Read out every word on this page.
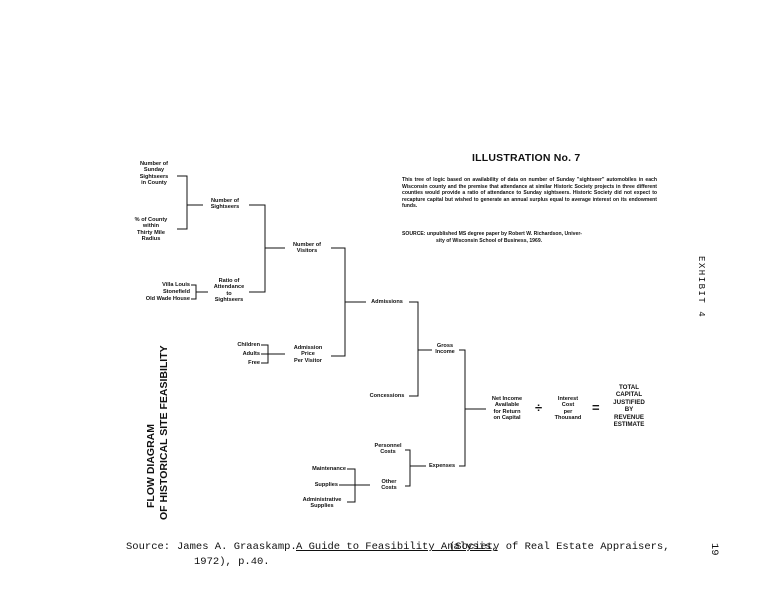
ILLUSTRATION No. 7
This tree of logic based on availability of data on number of Sunday "sightseer" automobiles in each Wisconsin county and the premise that attendance at similar Historic Society projects in three different counties would provide a ratio of attendance to Sunday sightseers. Historic Society did not expect to recapture capital but wished to generate an annual surplus equal to average interest on its endowment funds.
SOURCE: unpublished MS degree paper by Robert W. Richardson, Univer-
sity of Wisconsin School of Business, 1969.
FLOW DIAGRAM OF HISTORICAL SITE FEASIBILITY
Number of
Sunday
Sightseers
in County
% of County
within
Thirty Mile
Radius
Number of
Sightseers
Villa Louis
Stonefield
Old Wade House
Ratio of
Attendance
to
Sightseers
Number of
Visitors
Children
Adults
Free
Admission
Price
Per Visitor
Admissions
Concessions
Gross
Income
Personnel
Costs
Maintenance
Supplies
Administrative
Supplies
Other
Costs
Expenses
Net Income
Available
for Return
on Capital
÷
Interest
Cost
per
Thousand
=
TOTAL
CAPITAL
JUSTIFIED
BY
REVENUE
ESTIMATE
EXHIBIT 4
19
Source: James A. Graaskamp. A Guide to Feasibility Analysis,
(Society of Real Estate Appraisers,
1972), p.40.
